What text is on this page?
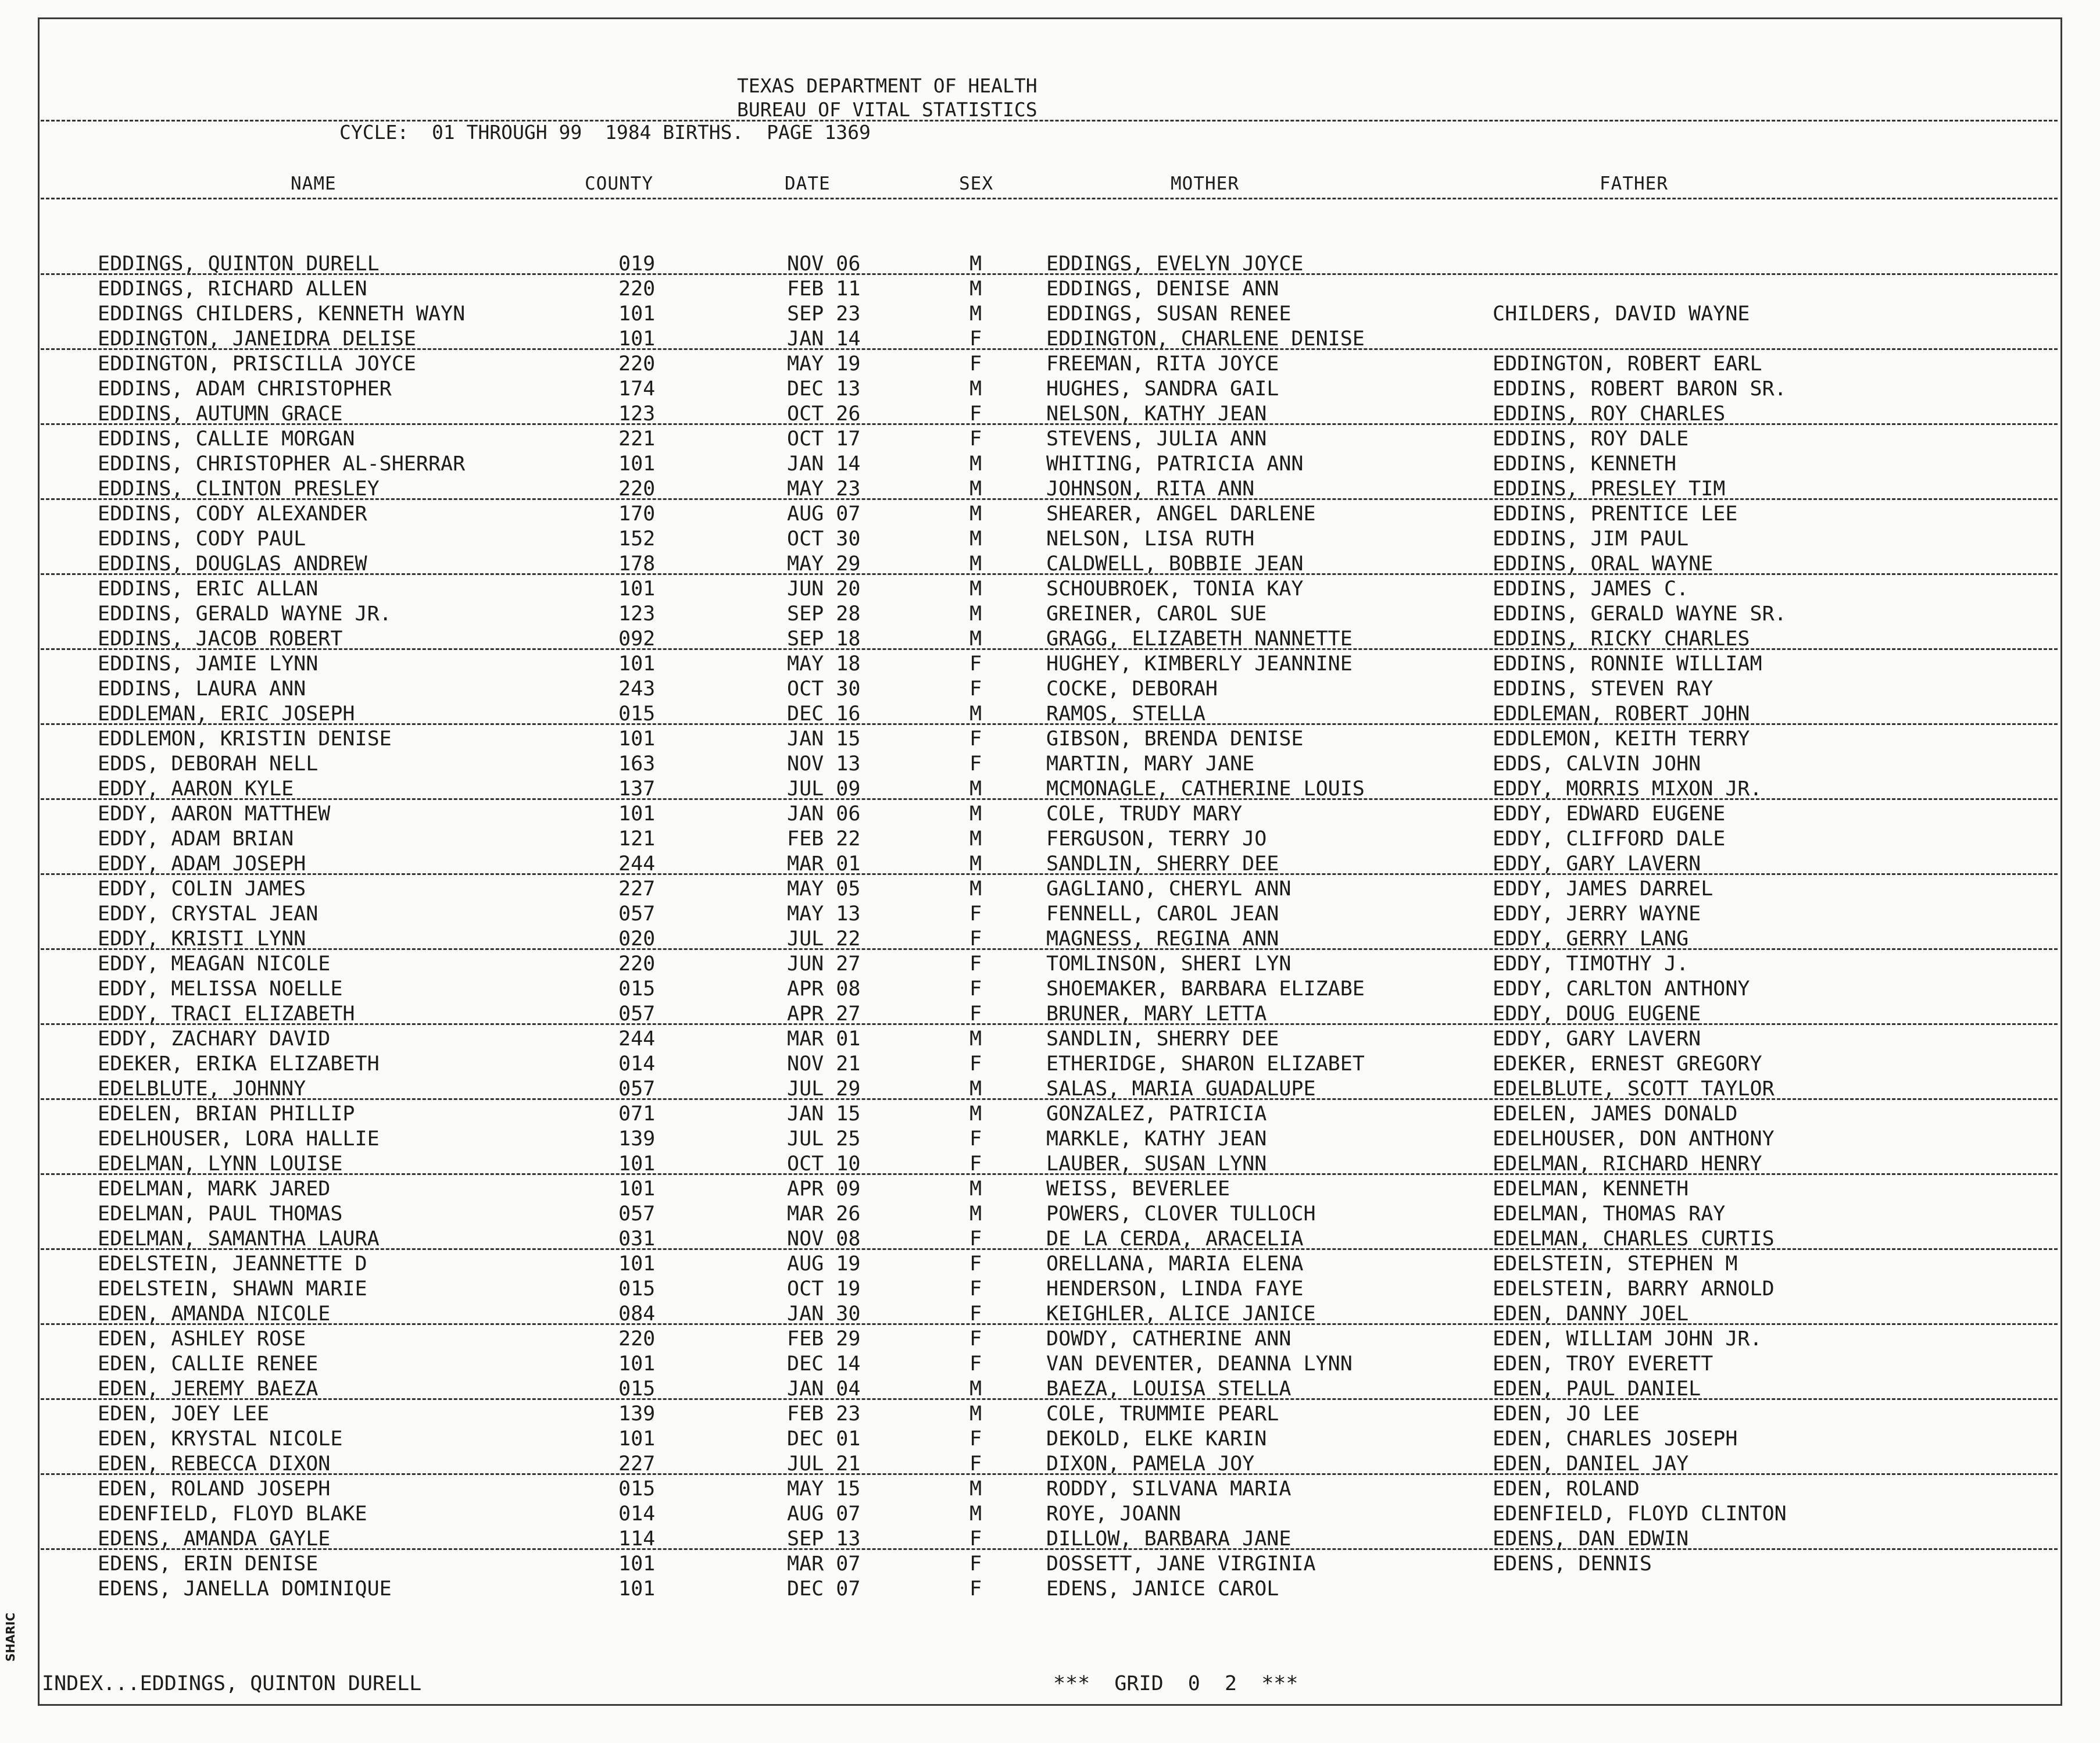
SHARIC
TEXAS DEPARTMENT OF HEALTH
BUREAU OF VITAL STATISTICS
CYCLE:  01 THROUGH 99  1984 BIRTHS.  PAGE 1369
NAME	COUNTY	DATE	SEX	MOTHER	FATHER
EDDINGS, QUINTON DURELL	019	NOV 06	M	EDDINGS, EVELYN JOYCE
EDDINGS, RICHARD ALLEN	220	FEB 11	M	EDDINGS, DENISE ANN
EDDINGS CHILDERS, KENNETH WAYN	101	SEP 23	M	EDDINGS, SUSAN RENEE	CHILDERS, DAVID WAYNE
EDDINGTON, JANEIDRA DELISE	101	JAN 14	F	EDDINGTON, CHARLENE DENISE
EDDINGTON, PRISCILLA JOYCE	220	MAY 19	F	FREEMAN, RITA JOYCE	EDDINGTON, ROBERT EARL
EDDINS, ADAM CHRISTOPHER	174	DEC 13	M	HUGHES, SANDRA GAIL	EDDINS, ROBERT BARON SR.
EDDINS, AUTUMN GRACE	123	OCT 26	F	NELSON, KATHY JEAN	EDDINS, ROY CHARLES
EDDINS, CALLIE MORGAN	221	OCT 17	F	STEVENS, JULIA ANN	EDDINS, ROY DALE
EDDINS, CHRISTOPHER AL-SHERRAR	101	JAN 14	M	WHITING, PATRICIA ANN	EDDINS, KENNETH
EDDINS, CLINTON PRESLEY	220	MAY 23	M	JOHNSON, RITA ANN	EDDINS, PRESLEY TIM
EDDINS, CODY ALEXANDER	170	AUG 07	M	SHEARER, ANGEL DARLENE	EDDINS, PRENTICE LEE
EDDINS, CODY PAUL	152	OCT 30	M	NELSON, LISA RUTH	EDDINS, JIM PAUL
EDDINS, DOUGLAS ANDREW	178	MAY 29	M	CALDWELL, BOBBIE JEAN	EDDINS, ORAL WAYNE
EDDINS, ERIC ALLAN	101	JUN 20	M	SCHOUBROEK, TONIA KAY	EDDINS, JAMES C.
EDDINS, GERALD WAYNE JR.	123	SEP 28	M	GREINER, CAROL SUE	EDDINS, GERALD WAYNE SR.
EDDINS, JACOB ROBERT	092	SEP 18	M	GRAGG, ELIZABETH NANNETTE	EDDINS, RICKY CHARLES
EDDINS, JAMIE LYNN	101	MAY 18	F	HUGHEY, KIMBERLY JEANNINE	EDDINS, RONNIE WILLIAM
EDDINS, LAURA ANN	243	OCT 30	F	COCKE, DEBORAH	EDDINS, STEVEN RAY
EDDLEMAN, ERIC JOSEPH	015	DEC 16	M	RAMOS, STELLA	EDDLEMAN, ROBERT JOHN
EDDLEMON, KRISTIN DENISE	101	JAN 15	F	GIBSON, BRENDA DENISE	EDDLEMON, KEITH TERRY
EDDS, DEBORAH NELL	163	NOV 13	F	MARTIN, MARY JANE	EDDS, CALVIN JOHN
EDDY, AARON KYLE	137	JUL 09	M	MCMONAGLE, CATHERINE LOUIS	EDDY, MORRIS MIXON JR.
EDDY, AARON MATTHEW	101	JAN 06	M	COLE, TRUDY MARY	EDDY, EDWARD EUGENE
EDDY, ADAM BRIAN	121	FEB 22	M	FERGUSON, TERRY JO	EDDY, CLIFFORD DALE
EDDY, ADAM JOSEPH	244	MAR 01	M	SANDLIN, SHERRY DEE	EDDY, GARY LAVERN
EDDY, COLIN JAMES	227	MAY 05	M	GAGLIANO, CHERYL ANN	EDDY, JAMES DARREL
EDDY, CRYSTAL JEAN	057	MAY 13	F	FENNELL, CAROL JEAN	EDDY, JERRY WAYNE
EDDY, KRISTI LYNN	020	JUL 22	F	MAGNESS, REGINA ANN	EDDY, GERRY LANG
EDDY, MEAGAN NICOLE	220	JUN 27	F	TOMLINSON, SHERI LYN	EDDY, TIMOTHY J.
EDDY, MELISSA NOELLE	015	APR 08	F	SHOEMAKER, BARBARA ELIZABE	EDDY, CARLTON ANTHONY
EDDY, TRACI ELIZABETH	057	APR 27	F	BRUNER, MARY LETTA	EDDY, DOUG EUGENE
EDDY, ZACHARY DAVID	244	MAR 01	M	SANDLIN, SHERRY DEE	EDDY, GARY LAVERN
EDEKER, ERIKA ELIZABETH	014	NOV 21	F	ETHERIDGE, SHARON ELIZABET	EDEKER, ERNEST GREGORY
EDELBLUTE, JOHNNY	057	JUL 29	M	SALAS, MARIA GUADALUPE	EDELBLUTE, SCOTT TAYLOR
EDELEN, BRIAN PHILLIP	071	JAN 15	M	GONZALEZ, PATRICIA	EDELEN, JAMES DONALD
EDELHOUSER, LORA HALLIE	139	JUL 25	F	MARKLE, KATHY JEAN	EDELHOUSER, DON ANTHONY
EDELMAN, LYNN LOUISE	101	OCT 10	F	LAUBER, SUSAN LYNN	EDELMAN, RICHARD HENRY
EDELMAN, MARK JARED	101	APR 09	M	WEISS, BEVERLEE	EDELMAN, KENNETH
EDELMAN, PAUL THOMAS	057	MAR 26	M	POWERS, CLOVER TULLOCH	EDELMAN, THOMAS RAY
EDELMAN, SAMANTHA LAURA	031	NOV 08	F	DE LA CERDA, ARACELIA	EDELMAN, CHARLES CURTIS
EDELSTEIN, JEANNETTE D	101	AUG 19	F	ORELLANA, MARIA ELENA	EDELSTEIN, STEPHEN M
EDELSTEIN, SHAWN MARIE	015	OCT 19	F	HENDERSON, LINDA FAYE	EDELSTEIN, BARRY ARNOLD
EDEN, AMANDA NICOLE	084	JAN 30	F	KEIGHLER, ALICE JANICE	EDEN, DANNY JOEL
EDEN, ASHLEY ROSE	220	FEB 29	F	DOWDY, CATHERINE ANN	EDEN, WILLIAM JOHN JR.
EDEN, CALLIE RENEE	101	DEC 14	F	VAN DEVENTER, DEANNA LYNN	EDEN, TROY EVERETT
EDEN, JEREMY BAEZA	015	JAN 04	M	BAEZA, LOUISA STELLA	EDEN, PAUL DANIEL
EDEN, JOEY LEE	139	FEB 23	M	COLE, TRUMMIE PEARL	EDEN, JO LEE
EDEN, KRYSTAL NICOLE	101	DEC 01	F	DEKOLD, ELKE KARIN	EDEN, CHARLES JOSEPH
EDEN, REBECCA DIXON	227	JUL 21	F	DIXON, PAMELA JOY	EDEN, DANIEL JAY
EDEN, ROLAND JOSEPH	015	MAY 15	M	RODDY, SILVANA MARIA	EDEN, ROLAND
EDENFIELD, FLOYD BLAKE	014	AUG 07	M	ROYE, JOANN	EDENFIELD, FLOYD CLINTON
EDENS, AMANDA GAYLE	114	SEP 13	F	DILLOW, BARBARA JANE	EDENS, DAN EDWIN
EDENS, ERIN DENISE	101	MAR 07	F	DOSSETT, JANE VIRGINIA	EDENS, DENNIS
EDENS, JANELLA DOMINIQUE	101	DEC 07	F	EDENS, JANICE CAROL
INDEX...EDDINGS, QUINTON DURELL	***  GRID  0  2  ***
